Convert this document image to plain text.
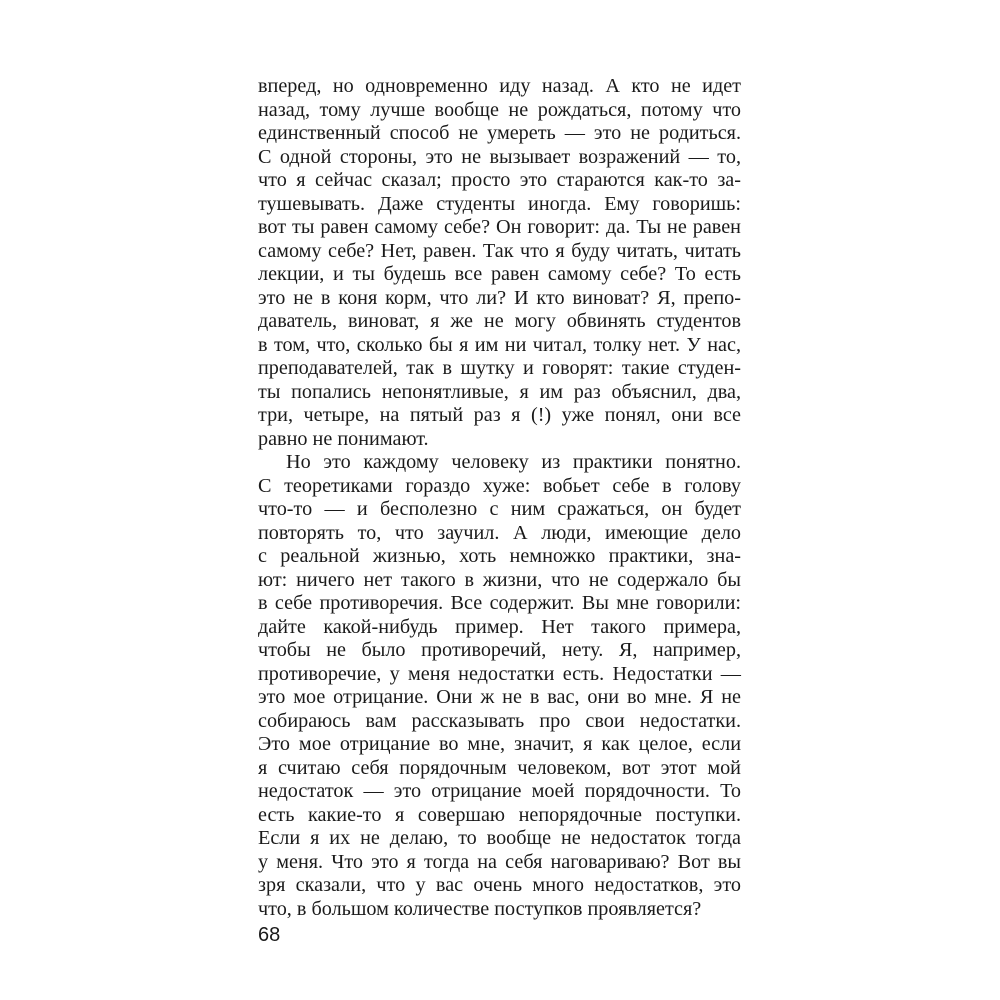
вперед, но одновременно иду назад. А кто не идет
назад, тому лучше вообще не рождаться, потому что
единственный способ не умереть — это не родиться.
С одной стороны, это не вызывает возражений — то,
что я сейчас сказал; просто это стараются как-то за-
тушевывать. Даже студенты иногда. Ему говоришь:
вот ты равен самому себе? Он говорит: да. Ты не равен
самому себе? Нет, равен. Так что я буду читать, читать
лекции, и ты будешь все равен самому себе? То есть
это не в коня корм, что ли? И кто виноват? Я, препо-
даватель, виноват, я же не могу обвинять студентов
в том, что, сколько бы я им ни читал, толку нет. У нас,
преподавателей, так в шутку и говорят: такие студен-
ты попались непонятливые, я им раз объяснил, два,
три, четыре, на пятый раз я (!) уже понял, они все
равно не понимают.
Но это каждому человеку из практики понятно.
С теоретиками гораздо хуже: вобьет себе в голову
что-то — и бесполезно с ним сражаться, он будет
повторять то, что заучил. А люди, имеющие дело
с реальной жизнью, хоть немножко практики, зна-
ют: ничего нет такого в жизни, что не содержало бы
в себе противоречия. Все содержит. Вы мне говорили:
дайте какой-нибудь пример. Нет такого примера,
чтобы не было противоречий, нету. Я, например,
противоречие, у меня недостатки есть. Недостатки —
это мое отрицание. Они ж не в вас, они во мне. Я не
собираюсь вам рассказывать про свои недостатки.
Это мое отрицание во мне, значит, я как целое, если
я считаю себя порядочным человеком, вот этот мой
недостаток — это отрицание моей порядочности. То
есть какие-то я совершаю непорядочные поступки.
Если я их не делаю, то вообще не недостаток тогда
у меня. Что это я тогда на себя наговариваю? Вот вы
зря сказали, что у вас очень много недостатков, это
что, в большом количестве поступков проявляется?
68
